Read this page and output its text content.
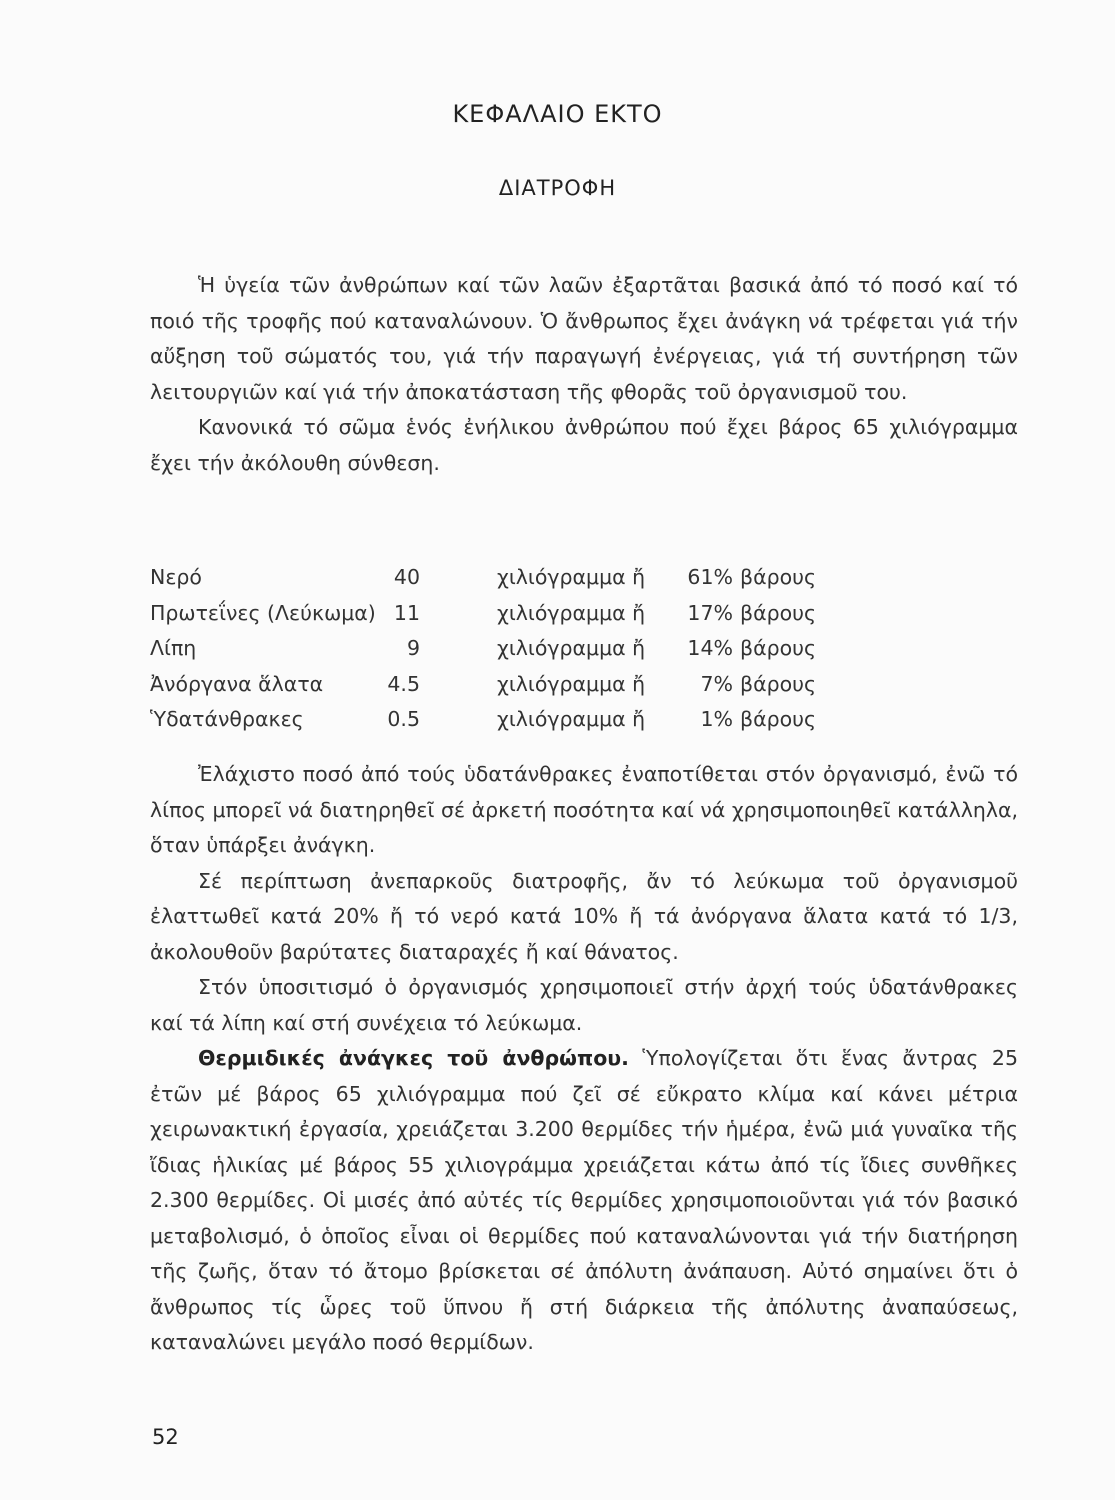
ΚΕΦΑΛΑΙΟ ΕΚΤΟ
ΔΙΑΤΡΟΦΗ

Ἡ ὑγεία τῶν ἀνθρώπων καί τῶν λαῶν ἐξαρτᾶται βασικά ἀπό τό ποσό καί τό ποιό τῆς τροφῆς πού καταναλώνουν. Ὁ ἄνθρωπος ἔχει ἀνάγκη νά τρέφεται γιά τήν αὔξηση τοῦ σώματός του, γιά τήν παραγωγή ἐνέργειας, γιά τή συντήρηση τῶν λειτουργιῶν καί γιά τήν ἀποκατάσταση τῆς φθορᾶς τοῦ ὀργανισμοῦ του.

Κανονικά τό σῶμα ἑνός ἐνήλικου ἀνθρώπου πού ἔχει βάρος 65 χιλιόγραμμα ἔχει τήν ἀκόλουθη σύνθεση.

Νερό	40	χιλιόγραμμα ἤ	61% βάρους
Πρωτεΐνες (Λεύκωμα) 11	χιλιόγραμμα ἤ	17% βάρους
Λίπη	9	χιλιόγραμμα ἤ	14% βάρους
Ἀνόργανα ἅλατα	4.5	χιλιόγραμμα ἤ	7% βάρους
Ὑδατάνθρακες	0.5	χιλιόγραμμα ἤ	1% βάρους

Ἐλάχιστο ποσό ἀπό τούς ὑδατάνθρακες ἐναποτίθεται στόν ὀργανισμό, ἐνῶ τό λίπος μπορεῖ νά διατηρηθεῖ σέ ἀρκετή ποσότητα καί νά χρησιμοποιηθεῖ κατάλληλα, ὅταν ὑπάρξει ἀνάγκη.

Σέ περίπτωση ἀνεπαρκοῦς διατροφῆς, ἄν τό λεύκωμα τοῦ ὀργανισμοῦ ἐλαττωθεῖ κατά 20% ἤ τό νερό κατά 10% ἤ τά ἀνόργανα ἅλατα κατά τό 1/3, ἀκολουθοῦν βαρύτατες διαταραχές ἤ καί θάνατος.

Στόν ὑποσιτισμό ὁ ὀργανισμός χρησιμοποιεῖ στήν ἀρχή τούς ὑδατάνθρακες καί τά λίπη καί στή συνέχεια τό λεύκωμα.

Θερμιδικές ἀνάγκες τοῦ ἀνθρώπου. Ὑπολογίζεται ὅτι ἕνας ἄντρας 25 ἐτῶν μέ βάρος 65 χιλιόγραμμα πού ζεῖ σέ εὔκρατο κλίμα καί κάνει μέτρια χειρωνακτική ἐργασία, χρειάζεται 3.200 θερμίδες τήν ἡμέρα, ἐνῶ μιά γυναῖκα τῆς ἴδιας ἡλικίας μέ βάρος 55 χιλιογράμμα χρειάζεται κάτω ἀπό τίς ἴδιες συνθῆκες 2.300 θερμίδες. Οἱ μισές ἀπό αὐτές τίς θερμίδες χρησιμοποιοῦνται γιά τόν βασικό μεταβολισμό, ὁ ὁποῖος εἶναι οἱ θερμίδες πού καταναλώνονται γιά τήν διατήρηση τῆς ζωῆς, ὅταν τό ἄτομο βρίσκεται σέ ἀπόλυτη ἀνάπαυση. Αὐτό σημαίνει ὅτι ὁ ἄνθρωπος τίς ὧρες τοῦ ὕπνου ἤ στή διάρκεια τῆς ἀπόλυτης ἀναπαύσεως, καταναλώνει μεγάλο ποσό θερμίδων.

52
